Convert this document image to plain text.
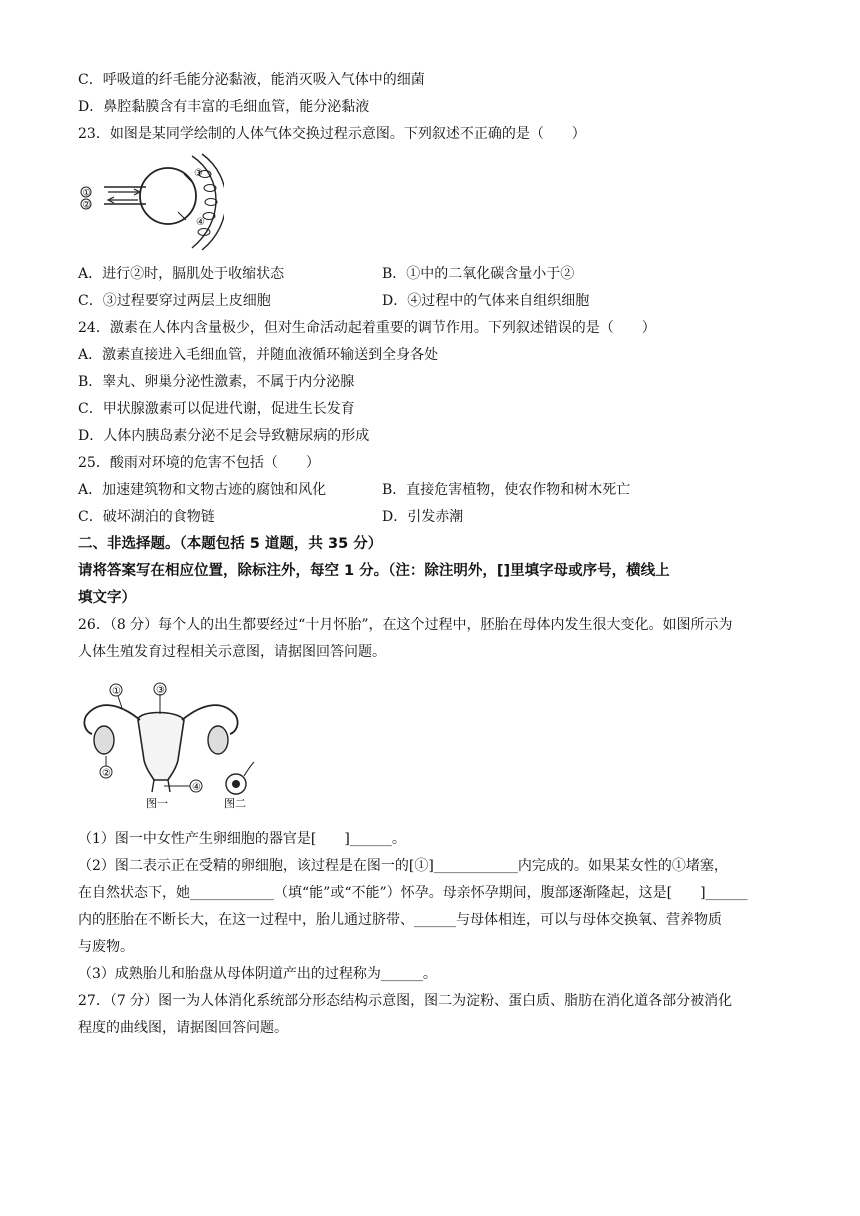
C．呼吸道的纤毛能分泌黏液，能消灭吸入气体中的细菌
D．鼻腔黏膜含有丰富的毛细血管，能分泌黏液
23．如图是某同学绘制的人体气体交换过程示意图。下列叙述不正确的是（　　）
①
②
③
④
A．进行②时，膈肌处于收缩状态	B．①中的二氧化碳含量小于②
C．③过程要穿过两层上皮细胞	D．④过程中的气体来自组织细胞
24．激素在人体内含量极少，但对生命活动起着重要的调节作用。下列叙述错误的是（　　）
A．激素直接进入毛细血管，并随血液循环输送到全身各处
B．睾丸、卵巢分泌性激素，不属于内分泌腺
C．甲状腺激素可以促进代谢，促进生长发育
D．人体内胰岛素分泌不足会导致糖尿病的形成
25．酸雨对环境的危害不包括（　　）
A．加速建筑物和文物古迹的腐蚀和风化	B．直接危害植物，使农作物和树木死亡
C．破坏湖泊的食物链	D．引发赤潮
二、非选择题。（本题包括 5 道题，共 35 分）
请将答案写在相应位置，除标注外，每空 1 分。（注：除注明外，[]里填字母或序号，横线上
填文字）
26．（8 分）每个人的出生都要经过“十月怀胎”，在这个过程中，胚胎在母体内发生很大变化。如图所示为
人体生殖发育过程相关示意图，请据图回答问题。
①	③
②
④
图一	图二
（1）图一中女性产生卵细胞的器官是[　　]______。
（2）图二表示正在受精的卵细胞，该过程是在图一的[①]____________内完成的。如果某女性的①堵塞，
在自然状态下，她____________（填“能”或“不能”）怀孕。母亲怀孕期间，腹部逐渐隆起，这是[　　]______
内的胚胎在不断长大，在这一过程中，胎儿通过脐带、______与母体相连，可以与母体交换氧、营养物质
与废物。
（3）成熟胎儿和胎盘从母体阴道产出的过程称为______。
27．（7 分）图一为人体消化系统部分形态结构示意图，图二为淀粉、蛋白质、脂肪在消化道各部分被消化
程度的曲线图，请据图回答问题。
